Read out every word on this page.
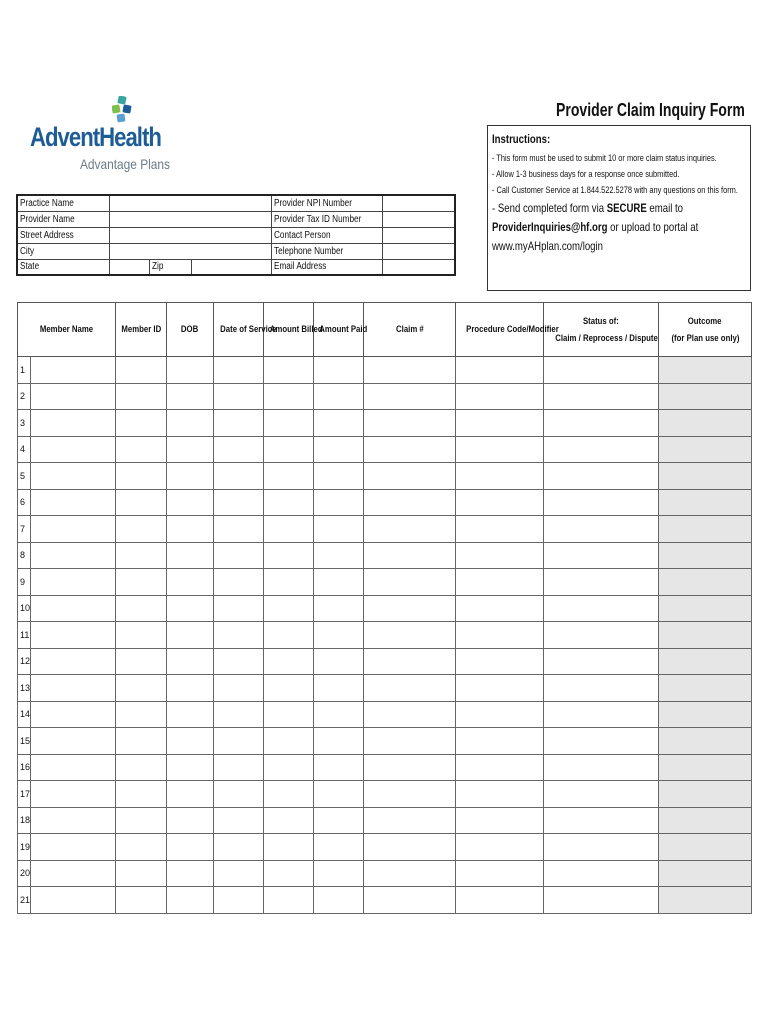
AdventHealth
Advantage Plans
Provider Claim Inquiry Form
Instructions:
- This form must be used to submit 10 or more claim status inquiries.
- Allow 1-3 business days for a response once submitted.
- Call Customer Service at 1.844.522.5278 with any questions on this form.
- Send completed form via SECURE email to
ProviderInquiries@hf.org or upload to portal at
www.myAHplan.com/login
Practice Name				Provider NPI Number	
Provider Name				Provider Tax ID Number	
Street Address				Contact Person	
City				Telephone Number	
State		Zip		Email Address	
Member Name		Member ID	DOB	Date of Service	Amount Billed	Amount Paid	Claim #	Procedure Code/Modifier	Status of:
Claim / Reprocess / Dispute	Outcome
(for Plan use only)
1										
2										
3										
4										
5										
6										
7										
8										
9										
10										
11										
12										
13										
14										
15										
16										
17										
18										
19										
20										
21										
